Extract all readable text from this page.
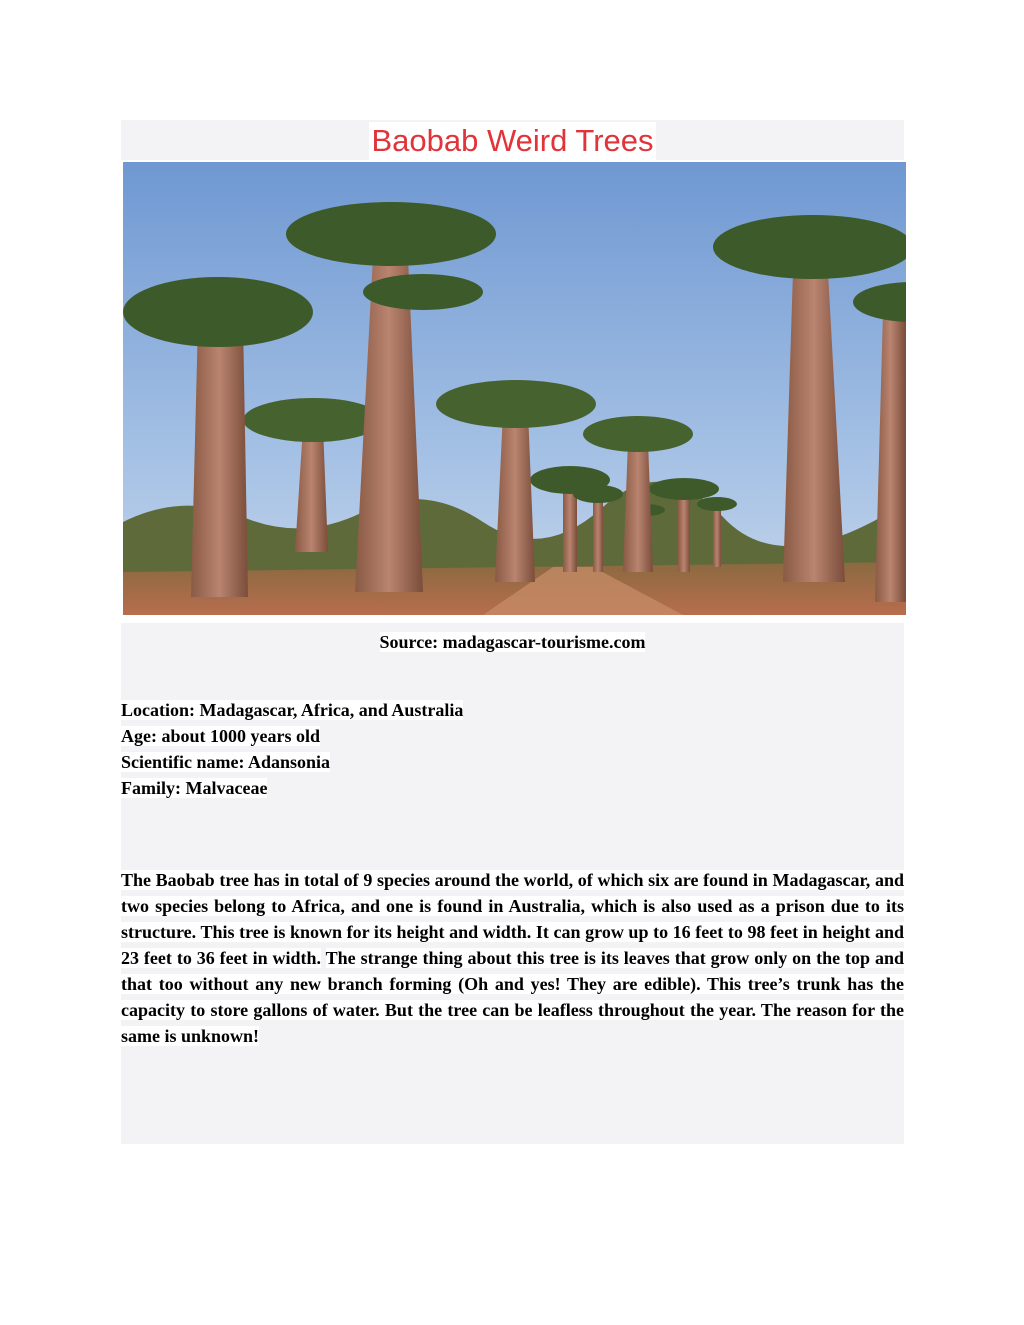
Baobab Weird Trees
Source: madagascar-tourisme.com
Location: Madagascar, Africa, and Australia
Age: about 1000 years old
Scientific name: Adansonia
Family: Malvaceae
The Baobab tree has in total of 9 species around the world, of which six are found in Madagascar, and two species belong to Africa, and one is found in Australia, which is also used as a prison due to its structure. This tree is known for its height and width. It can grow up to 16 feet to 98 feet in height and 23 feet to 36 feet in width. The strange thing about this tree is its leaves that grow only on the top and that too without any new branch forming (Oh and yes! They are edible). This tree’s trunk has the capacity to store gallons of water. But the tree can be leafless throughout the year. The reason for the same is unknown!
